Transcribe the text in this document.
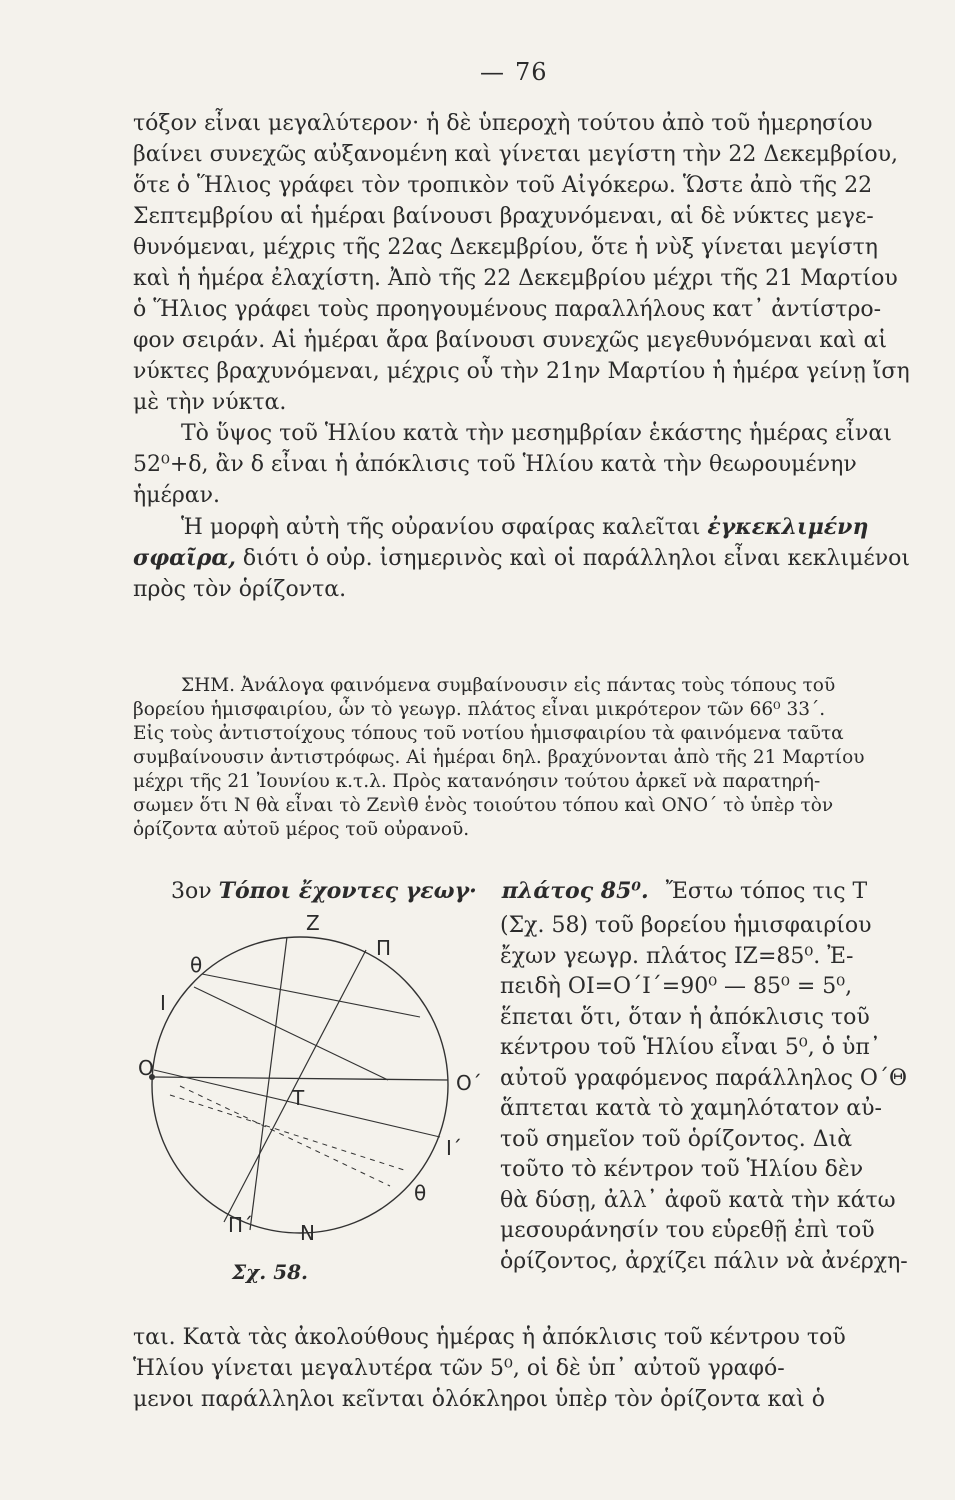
— 76
τόξον εἶναι μεγαλύτερον· ἡ δὲ ὑπεροχὴ τούτου ἀπὸ τοῦ ἡμερησίου
βαίνει συνεχῶς αὐξανομένη καὶ γίνεται μεγίστη τὴν 22 Δεκεμβρίου,
ὅτε ὁ Ἥλιος γράφει τὸν τροπικὸν τοῦ Αἰγόκερω. Ὥστε ἀπὸ τῆς 22
Σεπτεμβρίου αἱ ἡμέραι βαίνουσι βραχυνόμεναι, αἱ δὲ νύκτες μεγε-
θυνόμεναι, μέχρις τῆς 22ας Δεκεμβρίου, ὅτε ἡ νὺξ γίνεται μεγίστη
καὶ ἡ ἡμέρα ἐλαχίστη. Ἀπὸ τῆς 22 Δεκεμβρίου μέχρι τῆς 21 Μαρτίου
ὁ Ἥλιος γράφει τοὺς προηγουμένους παραλλήλους κατ᾽ ἀντίστρο-
φον σειράν. Αἱ ἡμέραι ἄρα βαίνουσι συνεχῶς μεγεθυνόμεναι καὶ αἱ
νύκτες βραχυνόμεναι, μέχρις οὗ τὴν 21ην Μαρτίου ἡ ἡμέρα γείνῃ ἴση
μὲ τὴν νύκτα.
Τὸ ὕψος τοῦ Ἡλίου κατὰ τὴν μεσημβρίαν ἑκάστης ἡμέρας εἶναι
52⁰+δ, ἂν δ εἶναι ἡ ἀπόκλισις τοῦ Ἡλίου κατὰ τὴν θεωρουμένην
ἡμέραν.
Ἡ μορφὴ αὐτὴ τῆς οὐρανίου σφαίρας καλεῖται ἐγκεκλιμένη
σφαῖρα, διότι ὁ οὐρ. ἰσημερινὸς καὶ οἱ παράλληλοι εἶναι κεκλιμένοι
πρὸς τὸν ὁρίζοντα.
ΣΗΜ. Ἀνάλογα φαινόμενα συμβαίνουσιν εἰς πάντας τοὺς τόπους τοῦ
βορείου ἡμισφαιρίου, ὧν τὸ γεωγρ. πλάτος εἶναι μικρότερον τῶν 66⁰ 33΄.
Εἰς τοὺς ἀντιστοίχους τόπους τοῦ νοτίου ἡμισφαιρίου τὰ φαινόμενα ταῦτα
συμβαίνουσιν ἀντιστρόφως. Αἱ ἡμέραι δηλ. βραχύνονται ἀπὸ τῆς 21 Μαρτίου
μέχρι τῆς 21 Ἰουνίου κ.τ.λ. Πρὸς κατανόησιν τούτου ἀρκεῖ νὰ παρατηρή-
σωμεν ὅτι Ν θὰ εἶναι τὸ Ζενὶθ ἑνὸς τοιούτου τόπου καὶ ΟΝΟ΄ τὸ ὑπὲρ τὸν
ὁρίζοντα αὐτοῦ μέρος τοῦ οὐρανοῦ.
3ον Τόποι ἔχοντες γεωγ· πλάτος 85⁰. Ἔστω τόπος τις Τ
(Σχ. 58) τοῦ βορείου ἡμισφαιρίου
ἔχων γεωγρ. πλάτος ΙΖ=85⁰. Ἐ-
πειδὴ ΟΙ=Ο΄Ι΄=90⁰ — 85⁰ = 5⁰,
ἕπεται ὅτι, ὅταν ἡ ἀπόκλισις τοῦ
κέντρου τοῦ Ἡλίου εἶναι 5⁰, ὁ ὑπ᾽
αὐτοῦ γραφόμενος παράλληλος Ο΄Θ
ἅπτεται κατὰ τὸ χαμηλότατον αὐ-
τοῦ σημεῖον τοῦ ὁρίζοντος. Διὰ
τοῦτο τὸ κέντρον τοῦ Ἡλίου δὲν
θὰ δύσῃ, ἀλλ᾽ ἀφοῦ κατὰ τὴν κάτω
μεσουράνησίν του εὑρεθῇ ἐπὶ τοῦ
ὁρίζοντος, ἀρχίζει πάλιν νὰ ἀνέρχη-
Z
Π
θ
I
O
T
O΄
I΄
θ
Π΄ N
Σχ. 58.
ται. Κατὰ τὰς ἀκολούθους ἡμέρας ἡ ἀπόκλισις τοῦ κέντρου τοῦ
Ἡλίου γίνεται μεγαλυτέρα τῶν 5⁰, οἱ δὲ ὑπ᾽ αὐτοῦ γραφό-
μενοι παράλληλοι κεῖνται ὁλόκληροι ὑπὲρ τὸν ὁρίζοντα καὶ ὁ
